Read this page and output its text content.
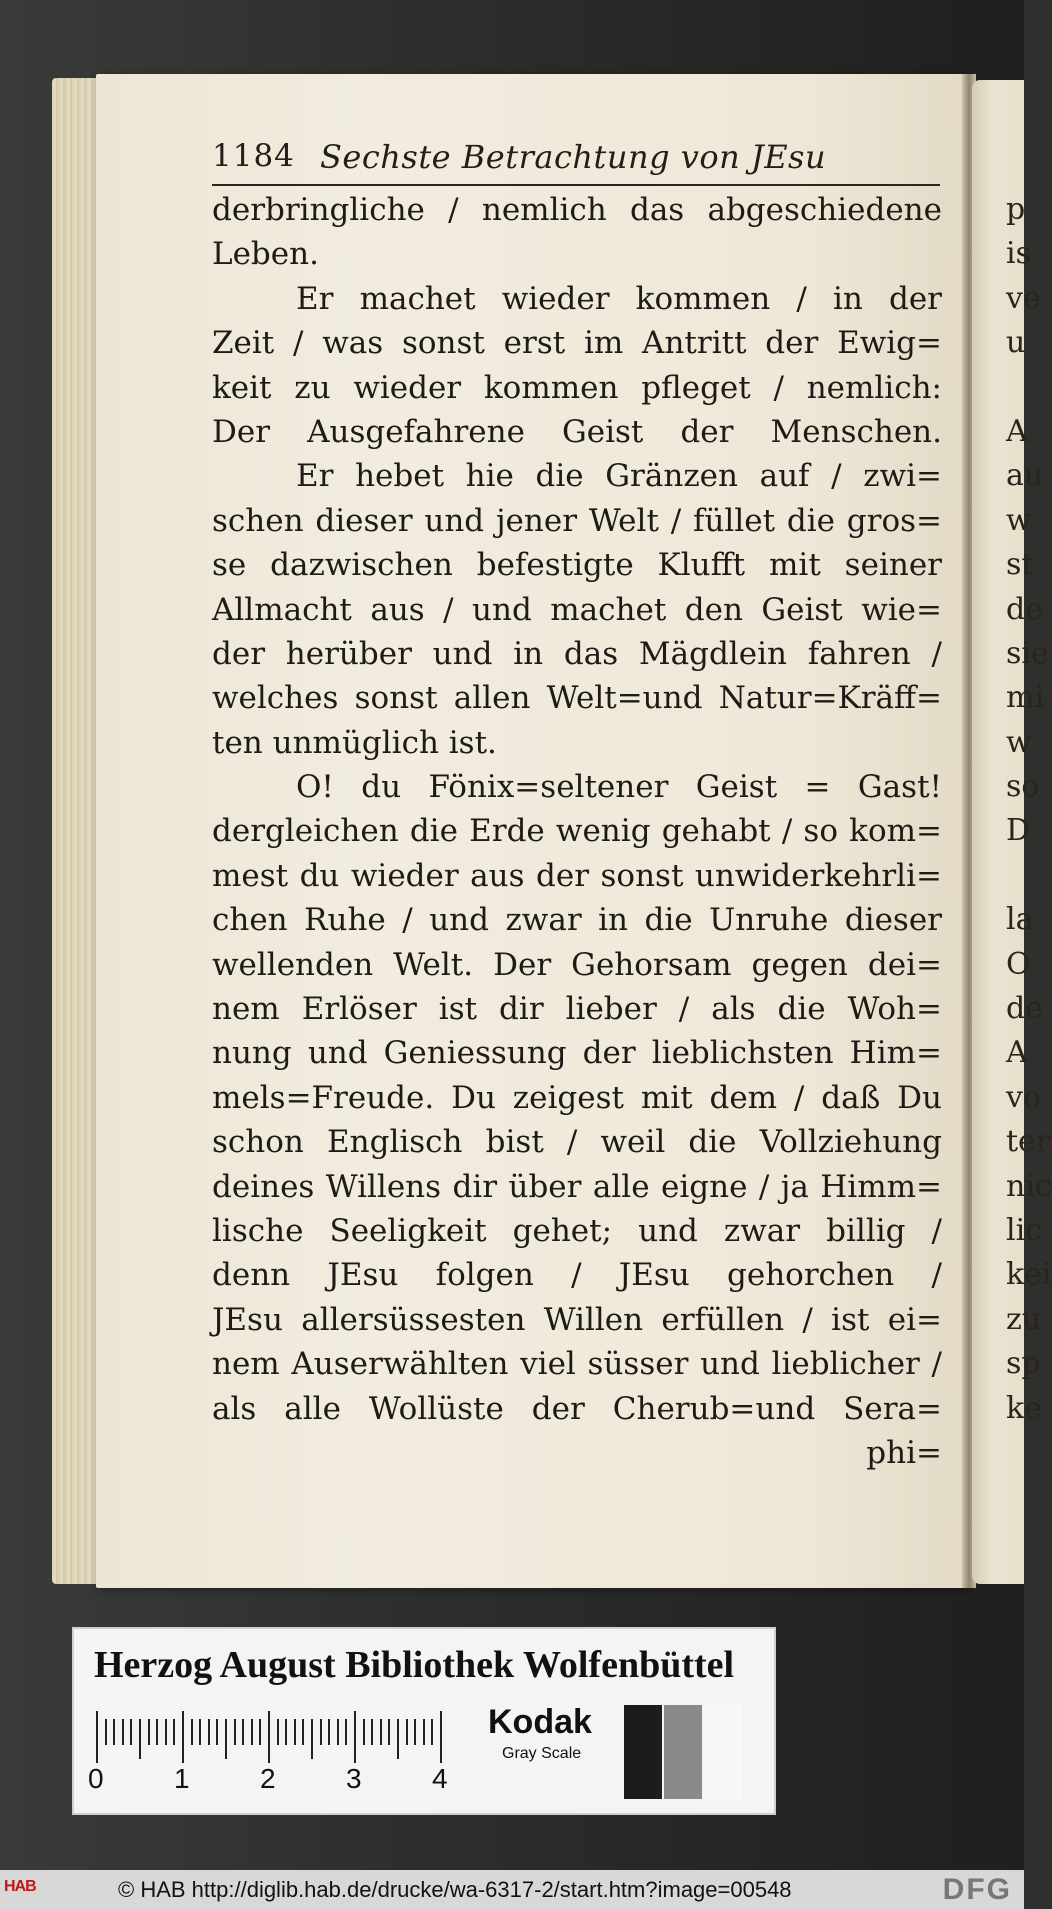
1184 Sechste Betrachtung von JEsu
derbringliche / nemlich das abgeschiedene
Leben.
Er machet wieder kommen / in der
Zeit / was sonst erst im Antritt der Ewig=
keit zu wieder kommen pfleget / nemlich:
Der Ausgefahrene Geist der Menschen.
Er hebet hie die Gränzen auf / zwi=
schen dieser und jener Welt / füllet die gros=
se dazwischen befestigte Klufft mit seiner
Allmacht aus / und machet den Geist wie=
der herüber und in das Mägdlein fahren /
welches sonst allen Welt=und Natur=Kräff=
ten unmüglich ist.
O! du Fönix=seltener Geist = Gast!
dergleichen die Erde wenig gehabt / so kom=
mest du wieder aus der sonst unwiderkehrli=
chen Ruhe / und zwar in die Unruhe dieser
wellenden Welt. Der Gehorsam gegen dei=
nem Erlöser ist dir lieber / als die Woh=
nung und Geniessung der lieblichsten Him=
mels=Freude. Du zeigest mit dem / daß Du
schon Englisch bist / weil die Vollziehung
deines Willens dir über alle eigne / ja Himm=
lische Seeligkeit gehet; und zwar billig /
denn JEsu folgen / JEsu gehorchen /
JEsu allersüssesten Willen erfüllen / ist ei=
nem Auserwählten viel süsser und lieblicher /
als alle Wollüste der Cherub=und Sera=
phi=
p
is
ve
u
A
au
w
st
de
sie
mi
w
so
D
la
O
de
A
vo
ter
nic
lic
kei
zu
sp
ke
Herzog August Bibliothek Wolfenbüttel
0	1	2	3	4
Kodak
Gray Scale
HAB	© HAB http://diglib.hab.de/drucke/wa-6317-2/start.htm?image=00548	DFG
